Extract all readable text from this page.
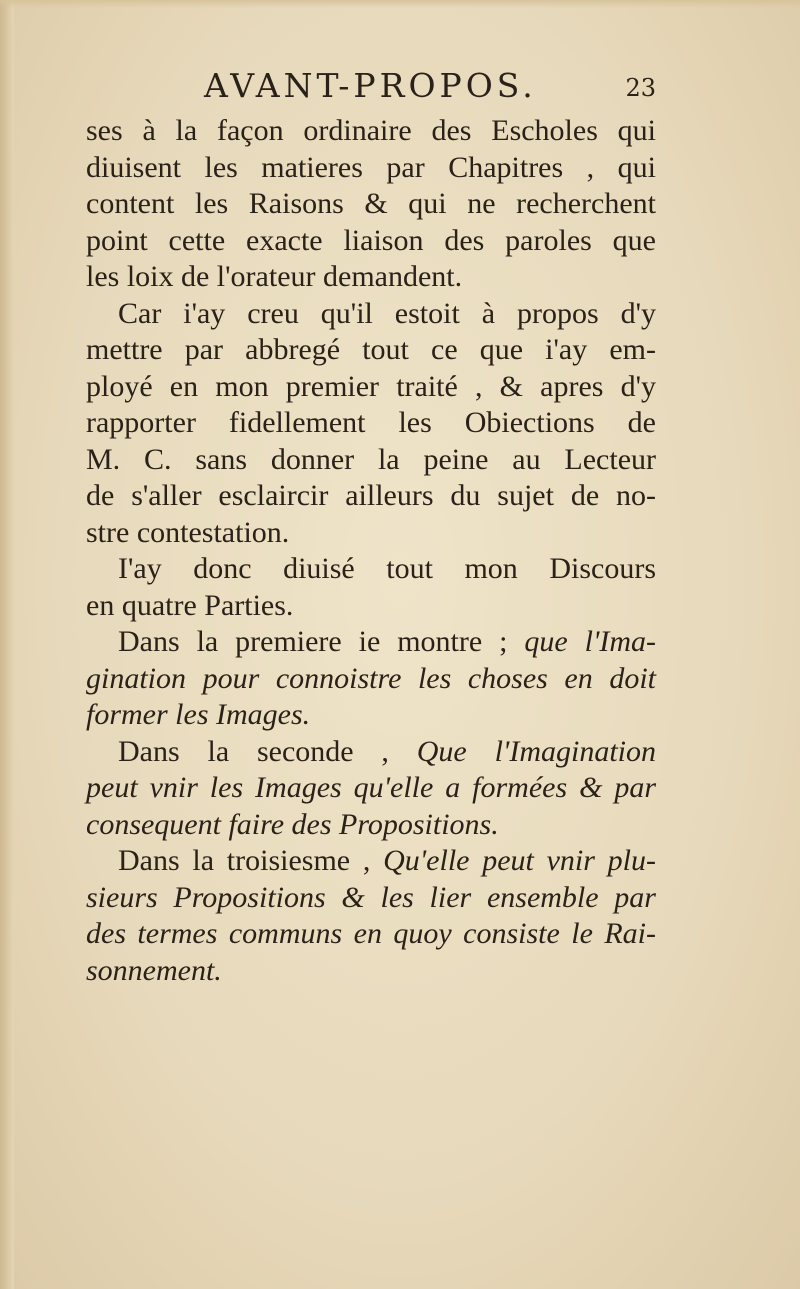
AVANT-PROPOS.	23
ses à la façon ordinaire des Escholes qui
diuisent les matieres par Chapitres , qui
content les Raisons & qui ne recherchent
point cette exacte liaison des paroles que
les loix de l'orateur demandent.
Car i'ay creu qu'il estoit à propos d'y
mettre par abbregé tout ce que i'ay em-
ployé en mon premier traité , & apres d'y
rapporter fidellement les Obiections de
M. C. sans donner la peine au Lecteur
de s'aller esclaircir ailleurs du sujet de no-
stre contestation.
I'ay donc diuisé tout mon Discours
en quatre Parties.
Dans la premiere ie montre ; que l'Ima-
gination pour connoistre les choses en doit
former les Images.
Dans la seconde , Que l'Imagination
peut vnir les Images qu'elle a formées & par
consequent faire des Propositions.
Dans la troisiesme , Qu'elle peut vnir plu-
sieurs Propositions & les lier ensemble par
des termes communs en quoy consiste le Rai-
sonnement.
